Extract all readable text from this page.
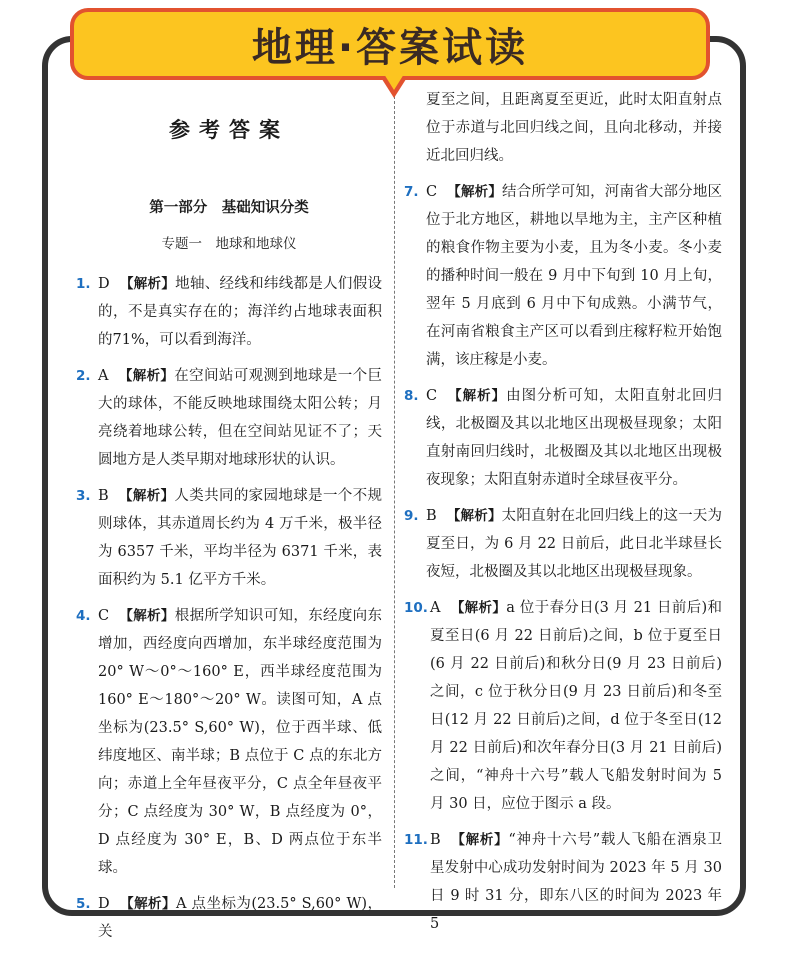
地理·答案试读
参考答案
第一部分　基础知识分类
专题一　地球和地球仪
1. D 【解析】地轴、经线和纬线都是人们假设的，不是真实存在的；海洋约占地球表面积的71%，可以看到海洋。
2. A 【解析】在空间站可观测到地球是一个巨大的球体，不能反映地球围绕太阳公转；月亮绕着地球公转，但在空间站见证不了；天圆地方是人类早期对地球形状的认识。
3. B 【解析】人类共同的家园地球是一个不规则球体，其赤道周长约为 4 万千米，极半径为 6357 千米，平均半径为 6371 千米，表面积约为 5.1 亿平方千米。
4. C 【解析】根据所学知识可知，东经度向东增加，西经度向西增加，东半球经度范围为 20° W～0°～160° E，西半球经度范围为 160° E～180°～20° W。读图可知，A 点坐标为(23.5° S,60° W)，位于西半球、低纬度地区、南半球；B 点位于 C 点的东北方向；赤道上全年昼夜平分，C 点全年昼夜平分；C 点经度为 30° W，B 点经度为 0°，D 点经度为 30° E，B、D 两点位于东半球。
5. D 【解析】A 点坐标为(23.5° S,60° W)，关

夏至之间，且距离夏至更近，此时太阳直射点位于赤道与北回归线之间，且向北移动，并接近北回归线。

7. C 【解析】结合所学可知，河南省大部分地区位于北方地区，耕地以旱地为主，主产区种植的粮食作物主要为小麦，且为冬小麦。冬小麦的播种时间一般在 9 月中下旬到 10 月上旬，翌年 5 月底到 6 月中下旬成熟。小满节气，在河南省粮食主产区可以看到庄稼籽粒开始饱满，该庄稼是小麦。
8. C 【解析】由图分析可知，太阳直射北回归线，北极圈及其以北地区出现极昼现象；太阳直射南回归线时，北极圈及其以北地区出现极夜现象；太阳直射赤道时全球昼夜平分。
9. B 【解析】太阳直射在北回归线上的这一天为夏至日，为 6 月 22 日前后，此日北半球昼长夜短，北极圈及其以北地区出现极昼现象。
10. A 【解析】a 位于春分日(3 月 21 日前后)和夏至日(6 月 22 日前后)之间，b 位于夏至日(6 月 22 日前后)和秋分日(9 月 23 日前后)之间，c 位于秋分日(9 月 23 日前后)和冬至日(12 月 22 日前后)之间，d 位于冬至日(12 月 22 日前后)和次年春分日(3 月 21 日前后)之间，“神舟十六号”载人飞船发射时间为 5 月 30 日，应位于图示 a 段。
11. B 【解析】“神舟十六号”载人飞船在酒泉卫星发射中心成功发射时间为 2023 年 5 月 30 日 9 时 31 分，即东八区的时间为 2023 年 5
